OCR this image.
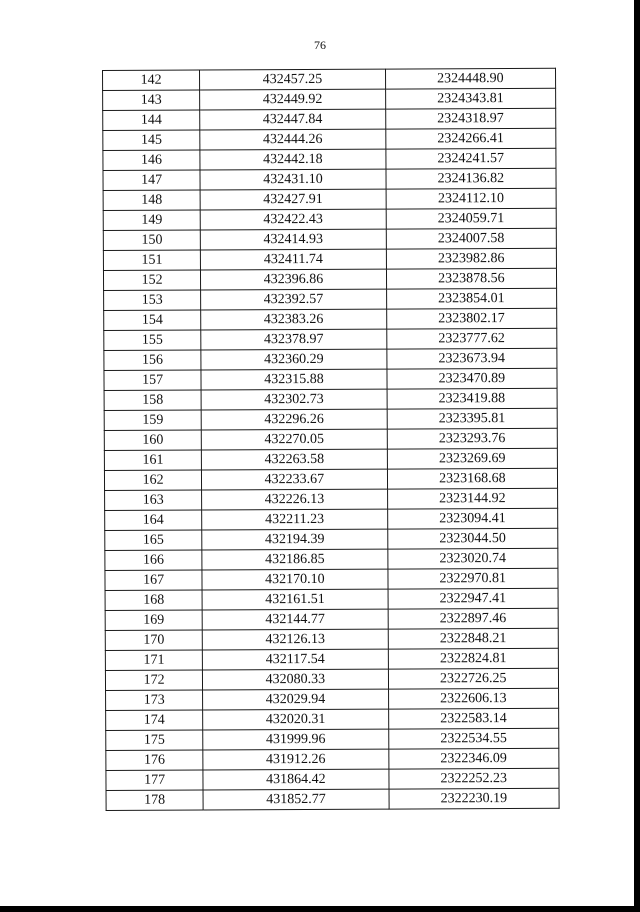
76
142	432457.25	2324448.90
143	432449.92	2324343.81
144	432447.84	2324318.97
145	432444.26	2324266.41
146	432442.18	2324241.57
147	432431.10	2324136.82
148	432427.91	2324112.10
149	432422.43	2324059.71
150	432414.93	2324007.58
151	432411.74	2323982.86
152	432396.86	2323878.56
153	432392.57	2323854.01
154	432383.26	2323802.17
155	432378.97	2323777.62
156	432360.29	2323673.94
157	432315.88	2323470.89
158	432302.73	2323419.88
159	432296.26	2323395.81
160	432270.05	2323293.76
161	432263.58	2323269.69
162	432233.67	2323168.68
163	432226.13	2323144.92
164	432211.23	2323094.41
165	432194.39	2323044.50
166	432186.85	2323020.74
167	432170.10	2322970.81
168	432161.51	2322947.41
169	432144.77	2322897.46
170	432126.13	2322848.21
171	432117.54	2322824.81
172	432080.33	2322726.25
173	432029.94	2322606.13
174	432020.31	2322583.14
175	431999.96	2322534.55
176	431912.26	2322346.09
177	431864.42	2322252.23
178	431852.77	2322230.19
